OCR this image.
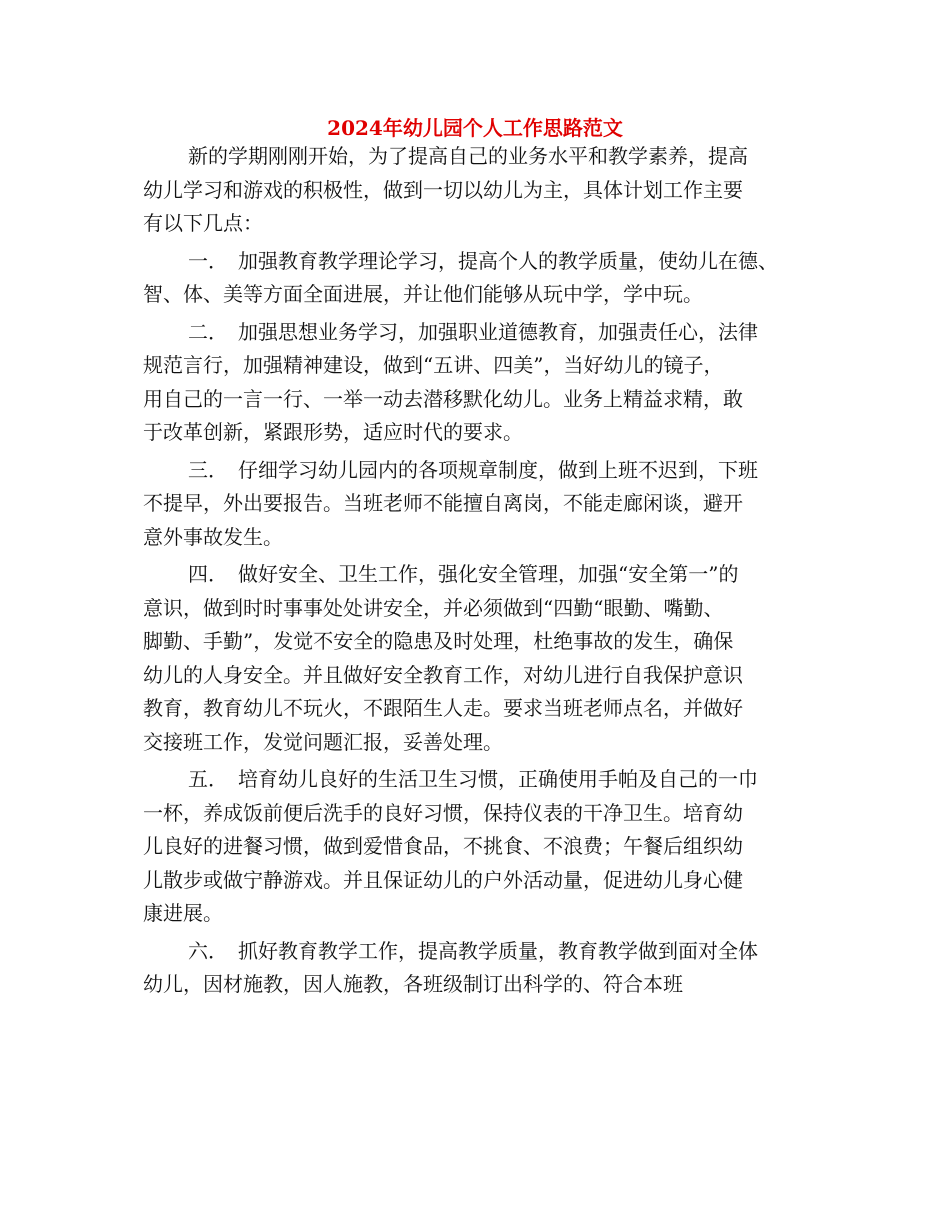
2024年幼儿园个人工作思路范文
新的学期刚刚开始，为了提高自己的业务水平和教学素养，提高
幼儿学习和游戏的积极性，做到一切以幼儿为主，具体计划工作主要
有以下几点：
一．　加强教育教学理论学习，提高个人的教学质量，使幼儿在德、
智、体、美等方面全面进展，并让他们能够从玩中学，学中玩。
二．　加强思想业务学习，加强职业道德教育，加强责任心，法律
规范言行，加强精神建设，做到“五讲、四美”，当好幼儿的镜子，
用自己的一言一行、一举一动去潜移默化幼儿。业务上精益求精，敢
于改革创新，紧跟形势，适应时代的要求。
三．　仔细学习幼儿园内的各项规章制度，做到上班不迟到，下班
不提早，外出要报告。当班老师不能擅自离岗，不能走廊闲谈，避开
意外事故发生。
四．　做好安全、卫生工作，强化安全管理，加强“安全第一”的
意识，做到时时事事处处讲安全，并必须做到“四勤“眼勤、嘴勤、
脚勤、手勤”，发觉不安全的隐患及时处理，杜绝事故的发生，确保
幼儿的人身安全。并且做好安全教育工作，对幼儿进行自我保护意识
教育，教育幼儿不玩火，不跟陌生人走。要求当班老师点名，并做好
交接班工作，发觉问题汇报，妥善处理。
五．　培育幼儿良好的生活卫生习惯，正确使用手帕及自己的一巾
一杯，养成饭前便后洗手的良好习惯，保持仪表的干净卫生。培育幼
儿良好的进餐习惯，做到爱惜食品，不挑食、不浪费；午餐后组织幼
儿散步或做宁静游戏。并且保证幼儿的户外活动量，促进幼儿身心健
康进展。
六．　抓好教育教学工作，提高教学质量，教育教学做到面对全体
幼儿，因材施教，因人施教，各班级制订出科学的、符合本班
